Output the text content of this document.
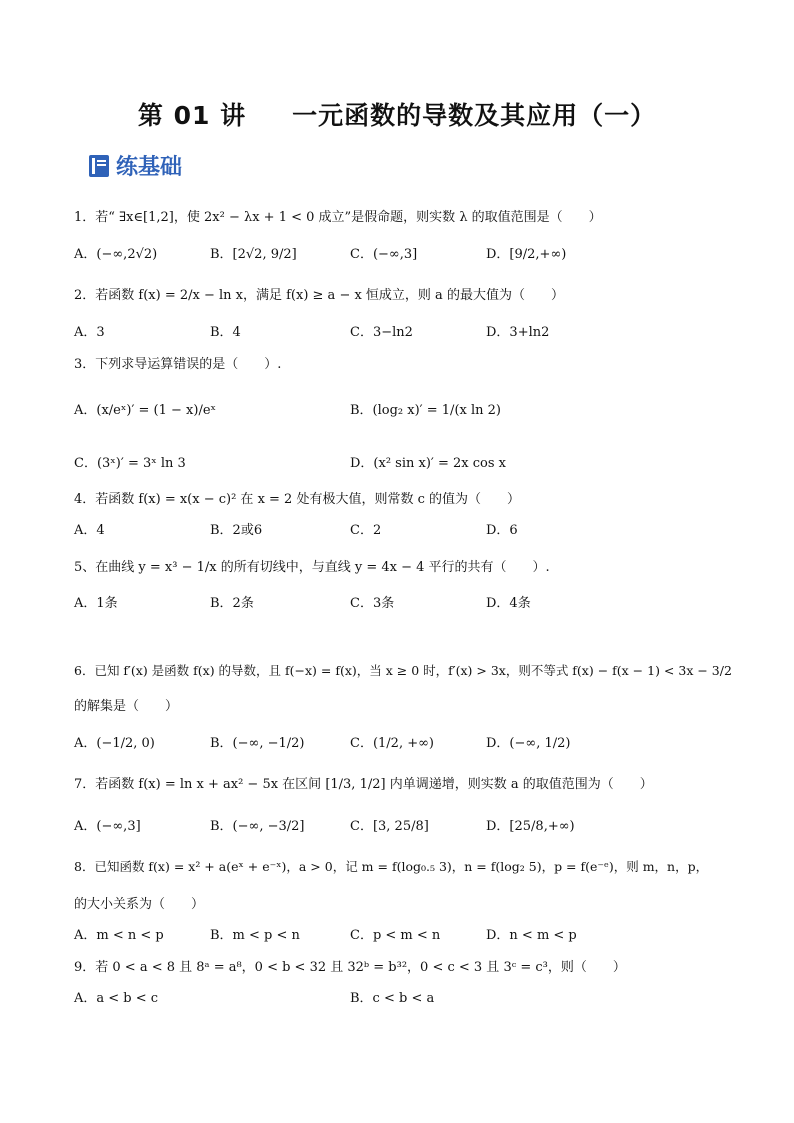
第 01 讲 一元函数的导数及其应用（一）
练基础
1．若“ ∃x∈[1,2]，使 2x² − λx + 1 < 0 成立”是假命题，则实数 λ 的取值范围是（　　）
A．(−∞,2√2)	B．[2√2, 9/2]	C．(−∞,3]	D．[9/2,+∞)
2．若函数 f(x) = 2/x − ln x，满足 f(x) ≥ a − x 恒成立，则 a 的最大值为（　　）
A．3	B．4	C．3−ln2	D．3+ln2
3．下列求导运算错误的是（　　）.
A．(x/eˣ)′ = (1 − x)/eˣ	B．(log₂ x)′ = 1/(x ln 2)
C．(3ˣ)′ = 3ˣ ln 3	D．(x² sin x)′ = 2x cos x
4．若函数 f(x) = x(x − c)² 在 x = 2 处有极大值，则常数 c 的值为（　　）
A．4	B．2或6	C．2	D．6
5、在曲线 y = x³ − 1/x 的所有切线中，与直线 y = 4x − 4 平行的共有（　　）.
A．1条	B．2条	C．3条	D．4条
6．已知 f′(x) 是函数 f(x) 的导数，且 f(−x) = f(x)，当 x ≥ 0 时，f′(x) > 3x，则不等式 f(x) − f(x − 1) < 3x − 3/2
的解集是（　　）
A．(−1/2, 0)	B．(−∞, −1/2)	C．(1/2, +∞)	D．(−∞, 1/2)
7．若函数 f(x) = ln x + ax² − 5x 在区间 [1/3, 1/2] 内单调递增，则实数 a 的取值范围为（　　）
A．(−∞,3]	B．(−∞, −3/2]	C．[3, 25/8]	D．[25/8,+∞)
8．已知函数 f(x) = x² + a(eˣ + e⁻ˣ)，a > 0，记 m = f(log₀.₅ 3)，n = f(log₂ 5)，p = f(e⁻ᵉ)，则 m，n，p，
的大小关系为（　　）
A．m < n < p	B．m < p < n	C．p < m < n	D．n < m < p
9．若 0 < a < 8 且 8ᵃ = a⁸，0 < b < 32 且 32ᵇ = b³²，0 < c < 3 且 3ᶜ = c³，则（　　）
A．a < b < c	B．c < b < a
